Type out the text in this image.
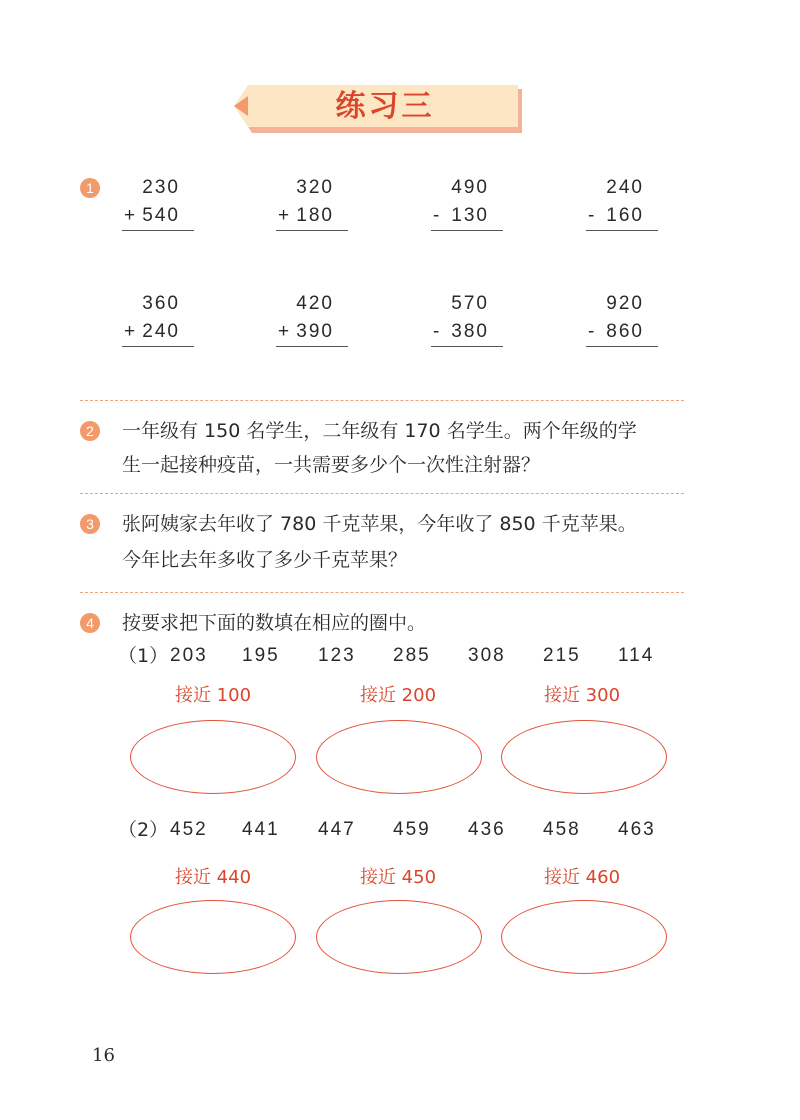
练习三
1	230
+ 540
320
+ 180
490
- 130
240
- 160
360
+ 240
420
+ 390
570
- 380
920
- 860
2	一年级有 150 名学生，二年级有 170 名学生。两个年级的学
生一起接种疫苗，一共需要多少个一次性注射器？
3	张阿姨家去年收了 780 千克苹果，今年收了 850 千克苹果。
今年比去年多收了多少千克苹果？
4	按要求把下面的数填在相应的圈中。
（1） 203 195 123 285 308 215 114
接近 100	接近 200	接近 300
（2） 452 441 447 459 436 458 463
接近 440	接近 450	接近 460
16
